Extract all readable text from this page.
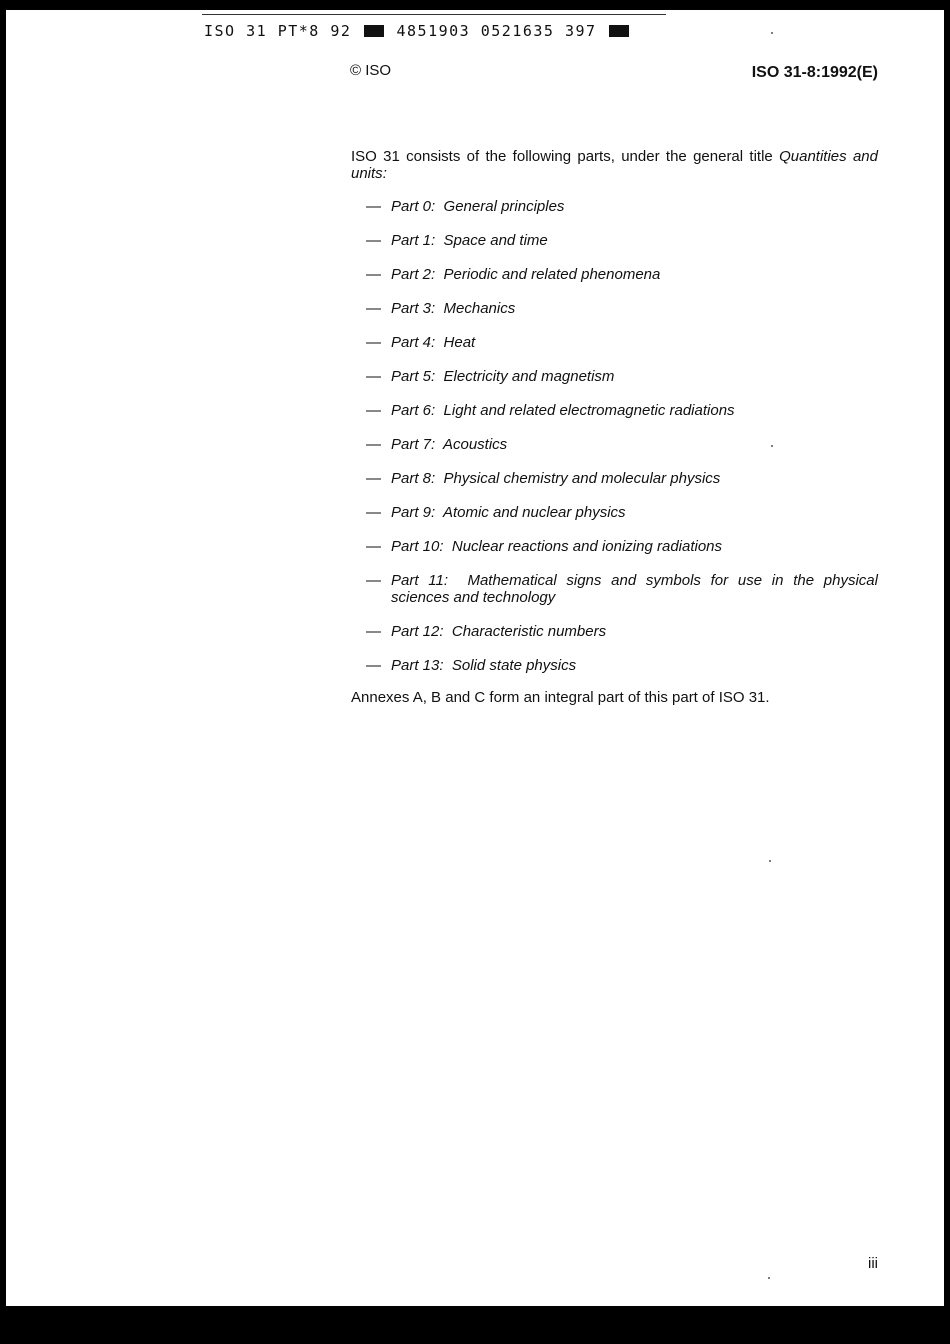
ISO 31 PT*8 92	4851903 0521635 397
© ISO	ISO 31-8:1992(E)

ISO 31 consists of the following parts, under the general title Quantities and units:

— Part 0: General principles
— Part 1: Space and time
— Part 2: Periodic and related phenomena
— Part 3: Mechanics
— Part 4: Heat
— Part 5: Electricity and magnetism
— Part 6: Light and related electromagnetic radiations
— Part 7: Acoustics
— Part 8: Physical chemistry and molecular physics
— Part 9: Atomic and nuclear physics
— Part 10: Nuclear reactions and ionizing radiations
— Part 11: Mathematical signs and symbols for use in the physical sciences and technology
— Part 12: Characteristic numbers
— Part 13: Solid state physics

Annexes A, B and C form an integral part of this part of ISO 31.

iii
